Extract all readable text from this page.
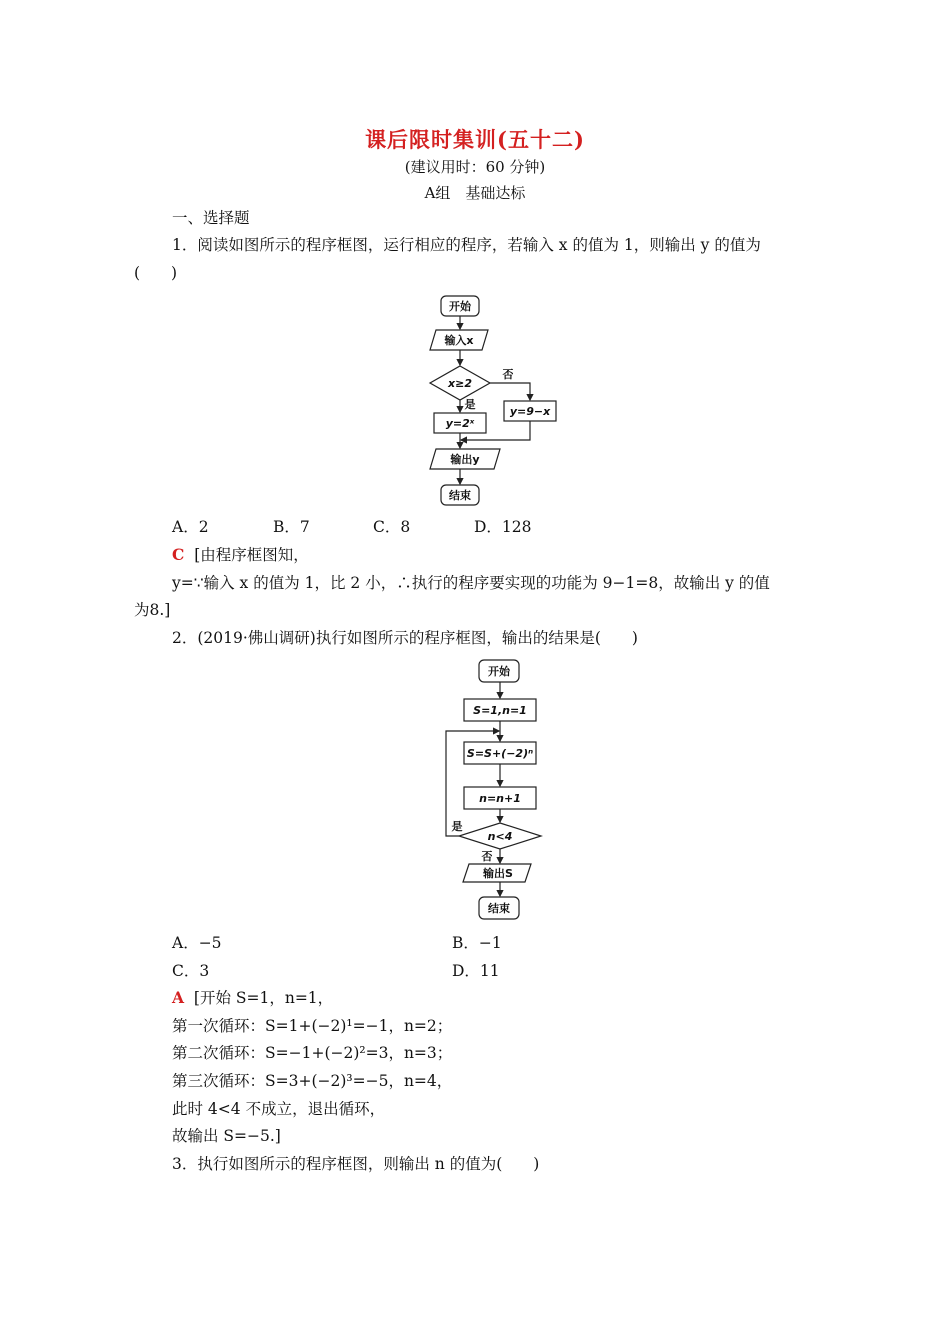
课后限时集训(五十二)
(建议用时：60 分钟)
A组　基础达标
一、选择题
1．阅读如图所示的程序框图，运行相应的程序，若输入 x 的值为 1，则输出 y 的值为
(　　)
开始
输入x
x≥2
y=2ˣ
y=9−x
输出y
结束
是
否
A．2	B．7	C．8	D．128
C [由程序框图知，
y=∵输入 x 的值为 1，比 2 小，∴执行的程序要实现的功能为 9−1=8，故输出 y 的值
为8.]
2．(2019·佛山调研)执行如图所示的程序框图，输出的结果是(　　)
开始
S=1,n=1
S=S+(−2)ⁿ
n=n+1
n<4
输出S
结束
是
否
A．−5	B．−1
C．3	D．11
A [开始 S=1，n=1，
第一次循环：S=1+(−2)¹=−1，n=2；
第二次循环：S=−1+(−2)²=3，n=3；
第三次循环：S=3+(−2)³=−5，n=4，
此时 4<4 不成立，退出循环，
故输出 S=−5.]
3．执行如图所示的程序框图，则输出 n 的值为(　　)
